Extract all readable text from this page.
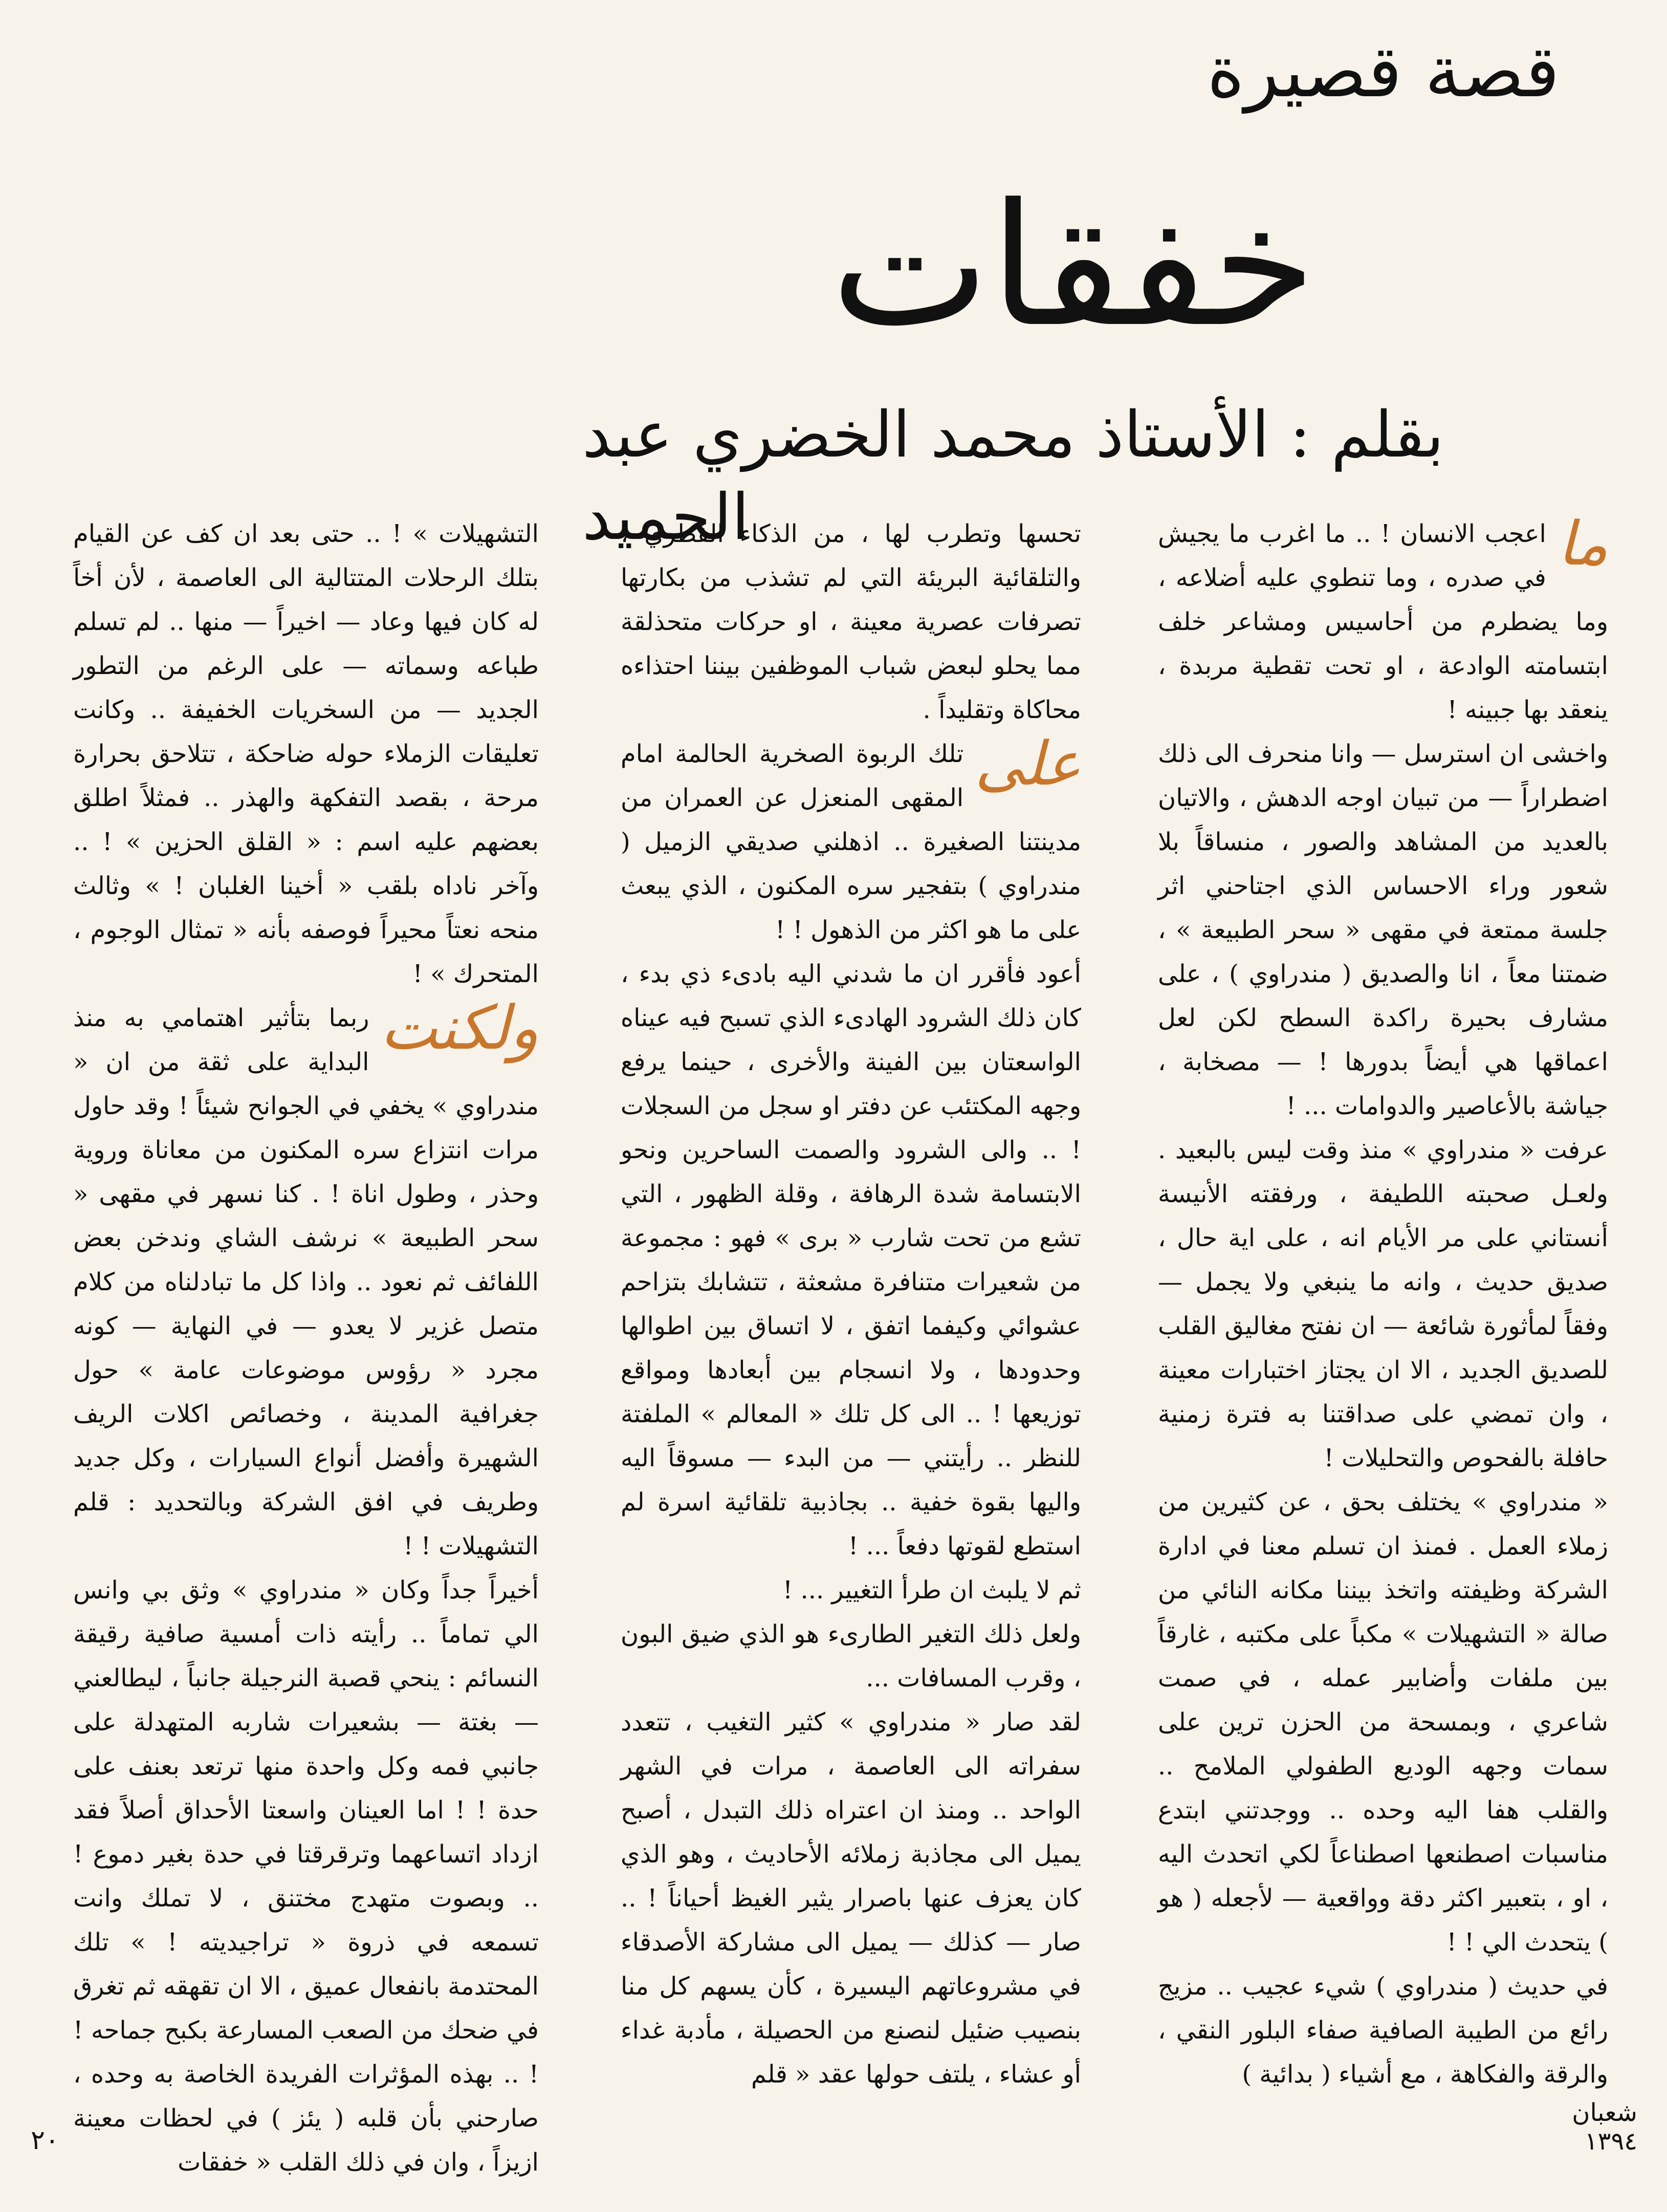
قصة قصيرة
خفقات
بقلم : الأستاذ محمد الخضري عبد الحميد	ما
اعجب الانسان ! .. ما اغرب ما يجيش في صدره ، وما تنطوي عليه أضلاعه ، وما يضطرم من أحاسيس ومشاعر خلف ابتسامته الوادعة ، او تحت تقطية مربدة ، ينعقد بها جبينه !

واخشى ان استرسل — وانا منحرف الى ذلك اضطراراً — من تبيان اوجه الدهش ، والاتيان بالعديد من المشاهد والصور ، منساقاً بلا شعور وراء الاحساس الذي اجتاحني اثر جلسة ممتعة في مقهى « سحر الطبيعة » ، ضمتنا معاً ، انا والصديق ( مندراوي ) ، على مشارف بحيرة راكدة السطح لكن لعل اعماقها هي أيضاً بدورها ! — مصخابة ، جياشة بالأعاصير والدوامات ... !

عرفت « مندراوي » منذ وقت ليس بالبعيد . ولعـل صحبته اللطيفة ، ورفقته الأنيسة أنستاني على مر الأيام انه ، على اية حال ، صديق حديث ، وانه ما ينبغي ولا يجمل — وفقاً لمأثورة شائعة — ان نفتح مغاليق القلب للصديق الجديد ، الا ان يجتاز اختبارات معينة ، وان تمضي على صداقتنا به فترة زمنية حافلة بالفحوص والتحليلات !

« مندراوي » يختلف بحق ، عن كثيرين من زملاء العمل . فمنذ ان تسلم معنا في ادارة الشركة وظيفته واتخذ بيننا مكانه النائي من صالة « التشهيلات » مكباً على مكتبه ، غارقاً بين ملفات وأضابير عمله ، في صمت شاعري ، وبمسحة من الحزن ترين على سمات وجهه الوديع الطفولي الملامح .. والقلب هفا اليه وحده .. ووجدتني ابتدع مناسبات اصطنعها اصطناعاً لكي اتحدث اليه ، او ، بتعبير اكثر دقة وواقعية — لأجعله ( هو ) يتحدث الي ! !

في حديث ( مندراوي ) شيء عجيب .. مزيج رائع من الطيبة الصافية صفاء البلور النقي ، والرقة والفكاهة ، مع أشياء ( بدائية )

تحسها وتطرب لها ، من الذكاء الفطري ، والتلقائية البريئة التي لم تشذب من بكارتها تصرفات عصرية معينة ، او حركات متحذلقة مما يحلو لبعض شباب الموظفين بيننا احتذاءه محاكاة وتقليداً .

على
تلك الربوة الصخرية الحالمة امام المقهى المنعزل عن العمران من مدينتنا الصغيرة .. اذهلني صديقي الزميل ( مندراوي ) بتفجير سره المكنون ، الذي يبعث على ما هو اكثر من الذهول ! !

أعود فأقرر ان ما شدني اليه بادىء ذي بدء ، كان ذلك الشرود الهادىء الذي تسبح فيه عيناه الواسعتان بين الفينة والأخرى ، حينما يرفع وجهه المكتئب عن دفتر او سجل من السجلات ! .. والى الشرود والصمت الساحرين ونحو الابتسامة شدة الرهافة ، وقلة الظهور ، التي تشع من تحت شارب « برى » فهو : مجموعة من شعيرات متنافرة مشعثة ، تتشابك بتزاحم عشوائي وكيفما اتفق ، لا اتساق بين اطوالها وحدودها ، ولا انسجام بين أبعادها ومواقع توزيعها ! .. الى كل تلك « المعالم » الملفتة للنظر .. رأيتني — من البدء — مسوقاً اليه واليها بقوة خفية .. بجاذبية تلقائية اسرة لم استطع لقوتها دفعاً ... !

ثم لا يلبث ان طرأ التغيير ... !

ولعل ذلك التغير الطارىء هو الذي ضيق البون ، وقرب المسافات ...

لقد صار « مندراوي » كثير التغيب ، تتعدد سفراته الى العاصمة ، مرات في الشهر الواحد .. ومنذ ان اعتراه ذلك التبدل ، أصبح يميل الى مجاذبة زملائه الأحاديث ، وهو الذي كان يعزف عنها باصرار يثير الغيظ أحياناً ! .. صار — كذلك — يميل الى مشاركة الأصدقاء في مشروعاتهم اليسيرة ، كأن يسهم كل منا بنصيب ضئيل لنصنع من الحصيلة ، مأدبة غداء أو عشاء ، يلتف حولها عقد « قلم

التشهيلات » ! .. حتى بعد ان كف عن القيام بتلك الرحلات المتتالية الى العاصمة ، لأن أخاً له كان فيها وعاد — اخيراً — منها .. لم تسلم طباعه وسماته — على الرغم من التطور الجديد — من السخريات الخفيفة .. وكانت تعليقات الزملاء حوله ضاحكة ، تتلاحق بحرارة مرحة ، بقصد التفكهة والهذر .. فمثلاً اطلق بعضهم عليه اسم : « القلق الحزين » ! .. وآخر ناداه بلقب « أخينا الغلبان ! » وثالث منحه نعتاً محيراً فوصفه بأنه « تمثال الوجوم ، المتحرك » !

ولكنت
ربما بتأثير اهتمامي به منذ البداية على ثقة من ان « مندراوي » يخفي في الجوانح شيئاً ! وقد حاول مرات انتزاع سره المكنون من معاناة وروية وحذر ، وطول اناة ! . كنا نسهر في مقهى « سحر الطبيعة » نرشف الشاي وندخن بعض اللفائف ثم نعود .. واذا كل ما تبادلناه من كلام متصل غزير لا يعدو — في النهاية — كونه مجرد « رؤوس موضوعات عامة » حول جغرافية المدينة ، وخصائص اكلات الريف الشهيرة وأفضل أنواع السيارات ، وكل جديد وطريف في افق الشركة وبالتحديد : قلم التشهيلات ! !

أخيراً جداً وكان « مندراوي » وثق بي وانس الي تماماً .. رأيته ذات أمسية صافية رقيقة النسائم : ينحي قصبة النرجيلة جانباً ، ليطالعني — بغتة — بشعيرات شاربه المتهدلة على جانبي فمه وكل واحدة منها ترتعد بعنف على حدة ! ! اما العينان واسعتا الأحداق أصلاً فقد ازداد اتساعهما وترقرقتا في حدة بغير دموع ! .. وبصوت متهدج مختنق ، لا تملك وانت تسمعه في ذروة « تراجيديته ! » تلك المحتدمة بانفعال عميق ، الا ان تقهقه ثم تغرق في ضحك من الصعب المسارعة بكبح جماحه ! ! .. بهذه المؤثرات الفريدة الخاصة به وحده ، صارحني بأن قلبه ( يئز ) في لحظات معينة ازيزاً ، وان في ذلك القلب « خفقات

٢٠
شعبان ١٣٩٤
